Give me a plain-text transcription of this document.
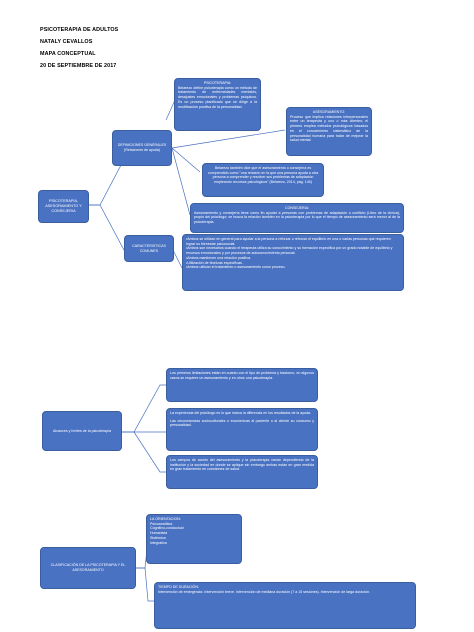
PSICOTERAPIA DE ADULTOS
NATALY CEVALLOS
MAPA CONCEPTUAL
20 DE SEPTIEMBRE DE 2017
PSICOTERAPIA, ASESORAMIENTO Y CONSEJERIA
DEFINICIONES GENERALES
(Relaciones de ayuda)
PSICOTERAPIA:
Belarezo define psicoterapia como un método de tratamiento de enfermedades mentales, desajustes emocionales y problemas psíquicos. Es un proceso planificado que se dirige a la modificación positiva de la personalidad.
ASESORAMIENTO:
Proceso que implica relaciones interpersonales entre un terapeuta y uno o más clientes; el primero emplea métodos psicológicos basados en el conocimiento sistemático de la personalidad humana para tratar de mejorar la salud mental.
Belarezo también dice que el asesoramiento o consejería es comprendido como "una relación en la que una persona ayuda a otra persona a comprender y resolver sus problemas de adaptación empleando recursos psicológicos" (Belarezo, 2014, pág. 140)
CONSEJERIA:
Asesoramiento y consejería tiene como fin ayudar a personas con problemas de adaptación o conflicto (Libro de la clínica), propio del psicólogo; se busca la relación también en la psicoterapia por lo que el tiempo de asesoramiento será menor al de la psicoterapia.
CARACTERISTICAS COMUNES
•Ambos se utilizan en general para ayudar a la persona a reforzar o reforzar el equilibrio en una o varias personas que requieren lograr su bienestar psicosocial.
•Ambos son necesarios cuando el terapeuta utiliza su conocimiento y su formación específica por un grado notable de equilibrio y recursos emocionales y por procesos de autoconocimiento personal.
•Ambos mantienen una relación positiva.
•Utilización de técnicas específicas.
•Ambos utilizan el tratamiento o asesoramiento como proceso.
Alcances y límites de la psicoterapia
Los primeros limitaciones están en cuanto con el tipo de problema y trastorno, en algunos casos se requiere un asesoramiento y en otros una psicoterapia.
La experiencia del psicólogo es lo que marca la diferencia en los resultados de la ayuda.
Las circunstancias socioculturales o económicas al paciente o al cliente su consumo y personalidad.
Los campos de acción del asesoramiento y la psicoterapia varían dependiendo de la institución y la sociedad en donde se aplique sin embargo ambas están en gran medida en gran tratamiento en cuestiones de salud.
CLASIFICACIÓN DE LA PSICOTERAPIA Y EL ASESORAMIENTO
LA ORIENTACION:
Psicoanalítica
Cognitivo-conductual
Humanista
Sistémica
Integrativa
TIEMPO DE DURACIÓN:
Intervención de emergencia. Intervención breve. Intervención de mediana duración (7 a 15 sesiones). Intervención de larga duración.
